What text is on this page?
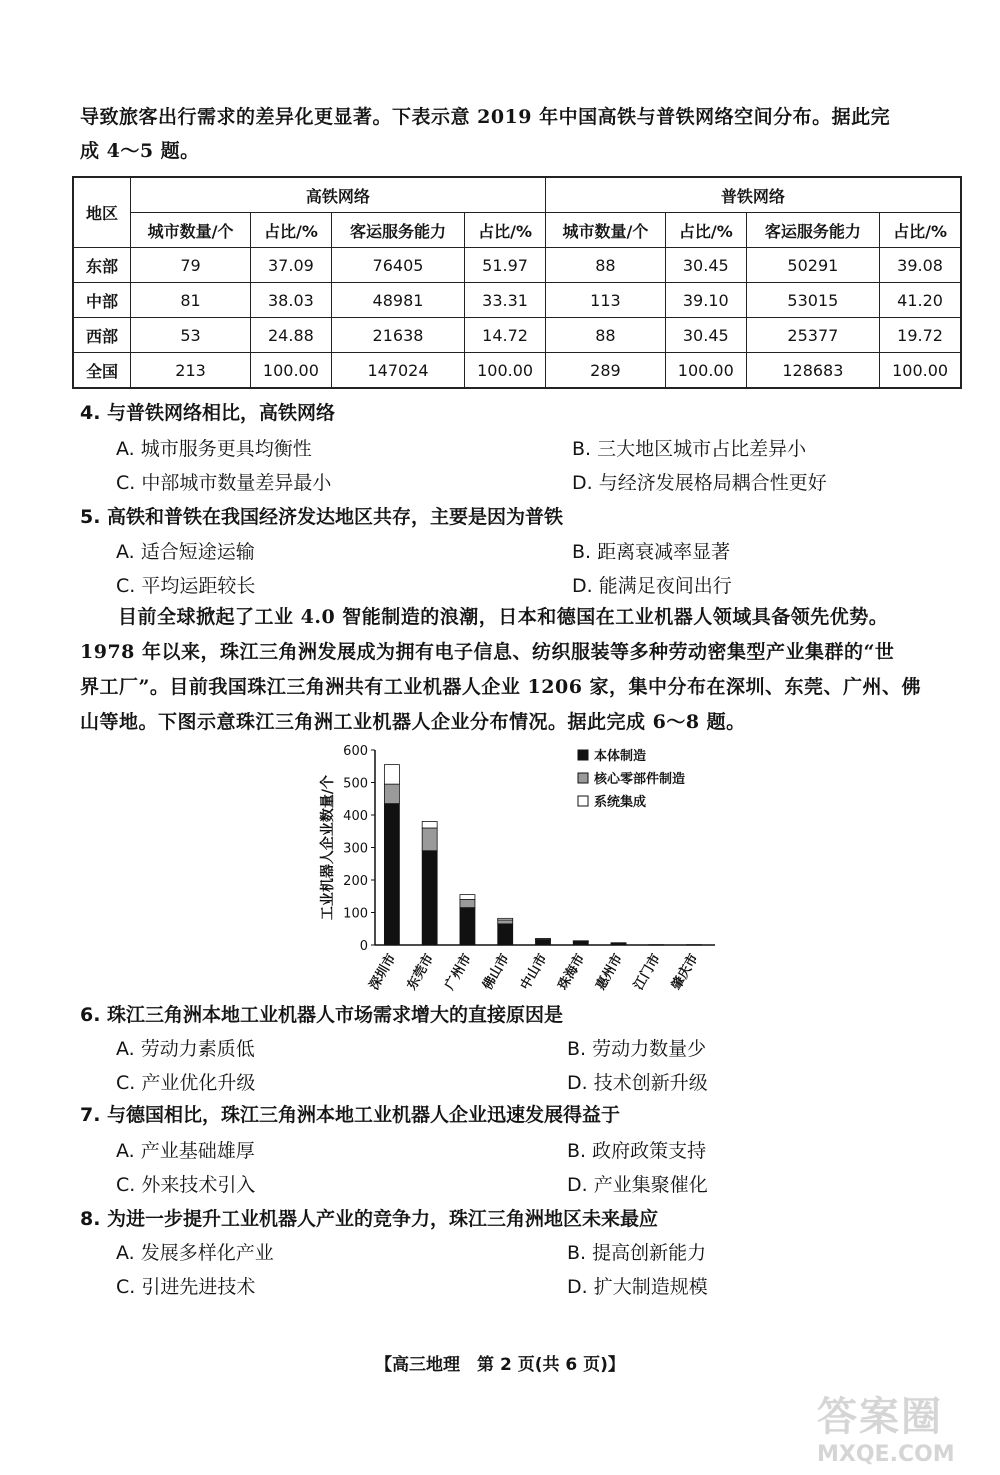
导致旅客出行需求的差异化更显著。下表示意 2019 年中国高铁与普铁网络空间分布。据此完
成 4～5 题。
地区	高铁网络				普铁网络			
	城市数量/个	占比/%	客运服务能力	占比/%	城市数量/个	占比/%	客运服务能力	占比/%
东部	79	37.09	76405	51.97	88	30.45	50291	39.08
中部	81	38.03	48981	33.31	113	39.10	53015	41.20
西部	53	24.88	21638	14.72	88	30.45	25377	19.72
全国	213	100.00	147024	100.00	289	100.00	128683	100.00
4. 与普铁网络相比，高铁网络
A. 城市服务更具均衡性	B. 三大地区城市占比差异小
C. 中部城市数量差异最小	D. 与经济发展格局耦合性更好
5. 高铁和普铁在我国经济发达地区共存，主要是因为普铁
A. 适合短途运输	B. 距离衰减率显著
C. 平均运距较长	D. 能满足夜间出行
目前全球掀起了工业 4.0 智能制造的浪潮，日本和德国在工业机器人领域具备领先优势。
1978 年以来，珠江三角洲发展成为拥有电子信息、纺织服装等多种劳动密集型产业集群的“世
界工厂”。目前我国珠江三角洲共有工业机器人企业 1206 家，集中分布在深圳、东莞、广州、佛
山等地。下图示意珠江三角洲工业机器人企业分布情况。据此完成 6～8 题。
0
100
200
300
400
500
600
工业机器人企业数量/个
深圳市 东莞市 广州市 佛山市 中山市 珠海市 惠州市 江门市 肇庆市
本体制造
核心零部件制造
系统集成
6. 珠江三角洲本地工业机器人市场需求增大的直接原因是
A. 劳动力素质低	B. 劳动力数量少
C. 产业优化升级	D. 技术创新升级
7. 与德国相比，珠江三角洲本地工业机器人企业迅速发展得益于
A. 产业基础雄厚	B. 政府政策支持
C. 外来技术引入	D. 产业集聚催化
8. 为进一步提升工业机器人产业的竞争力，珠江三角洲地区未来最应
A. 发展多样化产业	B. 提高创新能力
C. 引进先进技术	D. 扩大制造规模
【高三地理　第 2 页(共 6 页)】
答案圈
MXQE.COM
